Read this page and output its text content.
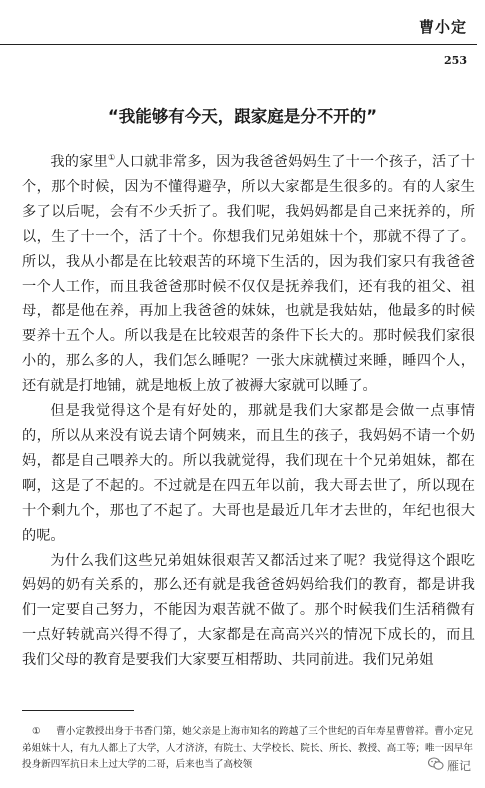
曹小定
253
“我能够有今天，跟家庭是分不开的”

我的家里①人口就非常多，因为我爸爸妈妈生了十一个孩子，活了十个，那个时候，因为不懂得避孕，所以大家都是生很多的。有的人家生多了以后呢，会有不少夭折了。我们呢，我妈妈都是自己来抚养的，所以，生了十一个，活了十个。你想我们兄弟姐妹十个，那就不得了了。所以，我从小都是在比较艰苦的环境下生活的，因为我们家只有我爸爸一个人工作，而且我爸爸那时候不仅仅是抚养我们，还有我的祖父、祖母，都是他在养，再加上我爸爸的妹妹，也就是我姑姑，他最多的时候要养十五个人。所以我是在比较艰苦的条件下长大的。那时候我们家很小的，那么多的人，我们怎么睡呢？一张大床就横过来睡，睡四个人，还有就是打地铺，就是地板上放了被褥大家就可以睡了。

但是我觉得这个是有好处的，那就是我们大家都是会做一点事情的，所以从来没有说去请个阿姨来，而且生的孩子，我妈妈不请一个奶妈，都是自己喂养大的。所以我就觉得，我们现在十个兄弟姐妹，都在啊，这是了不起的。不过就是在四五年以前，我大哥去世了，所以现在十个剩九个，那也了不起了。大哥也是最近几年才去世的，年纪也很大的呢。

为什么我们这些兄弟姐妹很艰苦又都活过来了呢？我觉得这个跟吃妈妈的奶有关系的，那么还有就是我爸爸妈妈给我们的教育，都是讲我们一定要自己努力，不能因为艰苦就不做了。那个时候我们生活稍微有一点好转就高兴得不得了，大家都是在高高兴兴的情况下成长的，而且我们父母的教育是要我们大家要互相帮助、共同前进。我们兄弟姐

① 曹小定教授出身于书香门第，她父亲是上海市知名的跨越了三个世纪的百年寿星曹曾祥。曹小定兄弟姐妹十人，有九人都上了大学，人才济济，有院士、大学校长、院长、所长、教授、高工等；唯一因早年投身新四军抗日未上过大学的二哥，后来也当了高校领	雁记
